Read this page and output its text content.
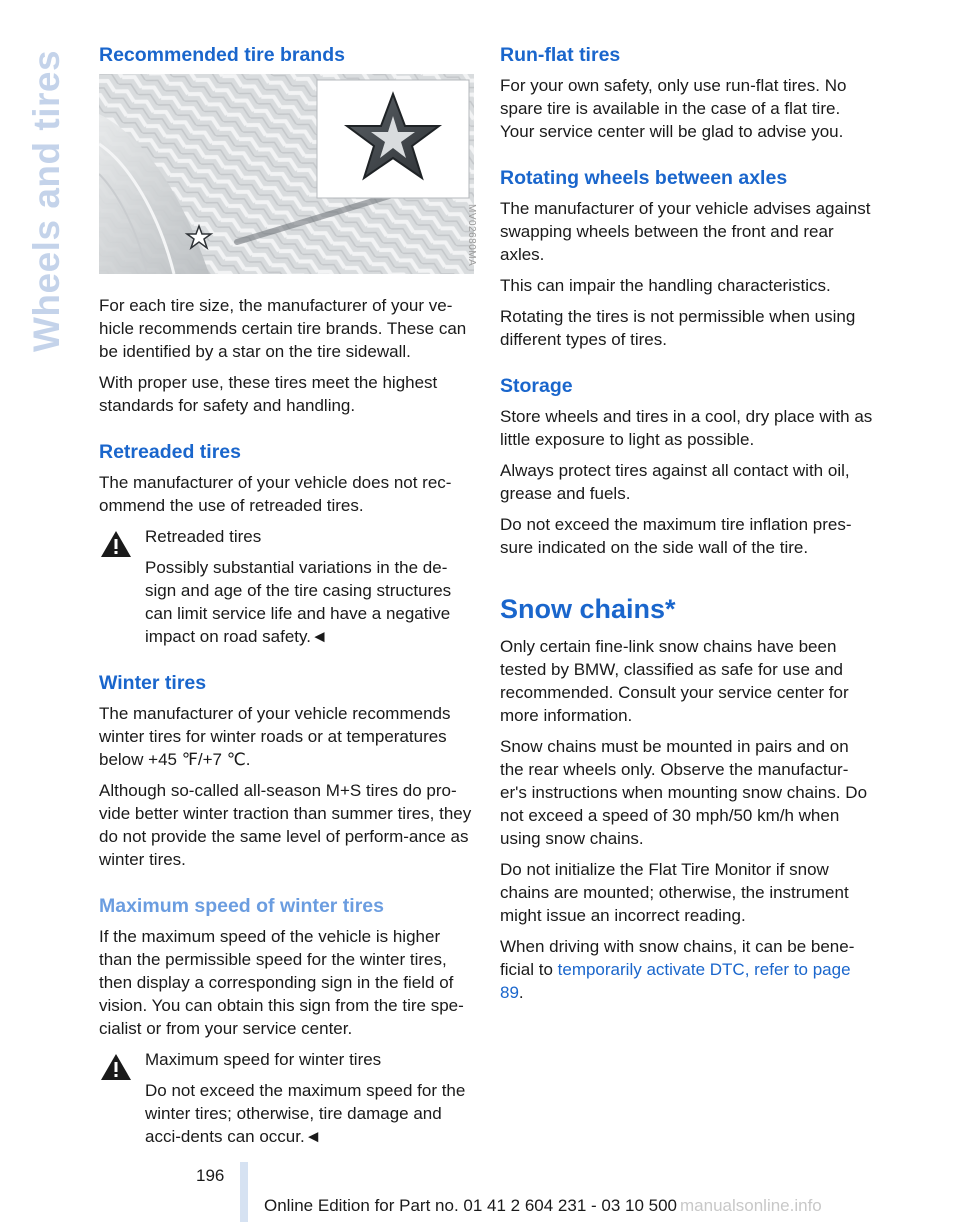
Wheels and tires Recommended tire brands
MV02680MA

For each tire size, the manufacturer of your ve-hicle recommends certain tire brands. These can be identified by a star on the tire sidewall.

With proper use, these tires meet the highest standards for safety and handling.

Retreaded tires

The manufacturer of your vehicle does not rec-ommend the use of retreaded tires.

Retreaded tires

Possibly substantial variations in the de-sign and age of the tire casing structures can limit service life and have a negative impact on road safety.◄

Winter tires

The manufacturer of your vehicle recommends winter tires for winter roads or at temperatures below +45 ℉/+7 ℃.

Although so-called all-season M+S tires do pro-vide better winter traction than summer tires, they do not provide the same level of perform-ance as winter tires.

Maximum speed of winter tires

If the maximum speed of the vehicle is higher than the permissible speed for the winter tires, then display a corresponding sign in the field of vision. You can obtain this sign from the tire spe-cialist or from your service center.

Maximum speed for winter tires

Do not exceed the maximum speed for the winter tires; otherwise, tire damage and acci-dents can occur.◄

Run-flat tires

For your own safety, only use run-flat tires. No spare tire is available in the case of a flat tire. Your service center will be glad to advise you.

Rotating wheels between axles

The manufacturer of your vehicle advises against swapping wheels between the front and rear axles.

This can impair the handling characteristics.

Rotating the tires is not permissible when using different types of tires.

Storage

Store wheels and tires in a cool, dry place with as little exposure to light as possible.

Always protect tires against all contact with oil, grease and fuels.

Do not exceed the maximum tire inflation pres-sure indicated on the side wall of the tire.

Snow chains*

Only certain fine-link snow chains have been tested by BMW, classified as safe for use and recommended. Consult your service center for more information.

Snow chains must be mounted in pairs and on the rear wheels only. Observe the manufactur-er's instructions when mounting snow chains. Do not exceed a speed of 30 mph/50 km/h when using snow chains.

Do not initialize the Flat Tire Monitor if snow chains are mounted; otherwise, the instrument might issue an incorrect reading.

When driving with snow chains, it can be bene-ficial to temporarily activate DTC, refer to page 89.

196
Online Edition for Part no. 01 41 2 604 231 - 03 10 500 manualsonline.info
